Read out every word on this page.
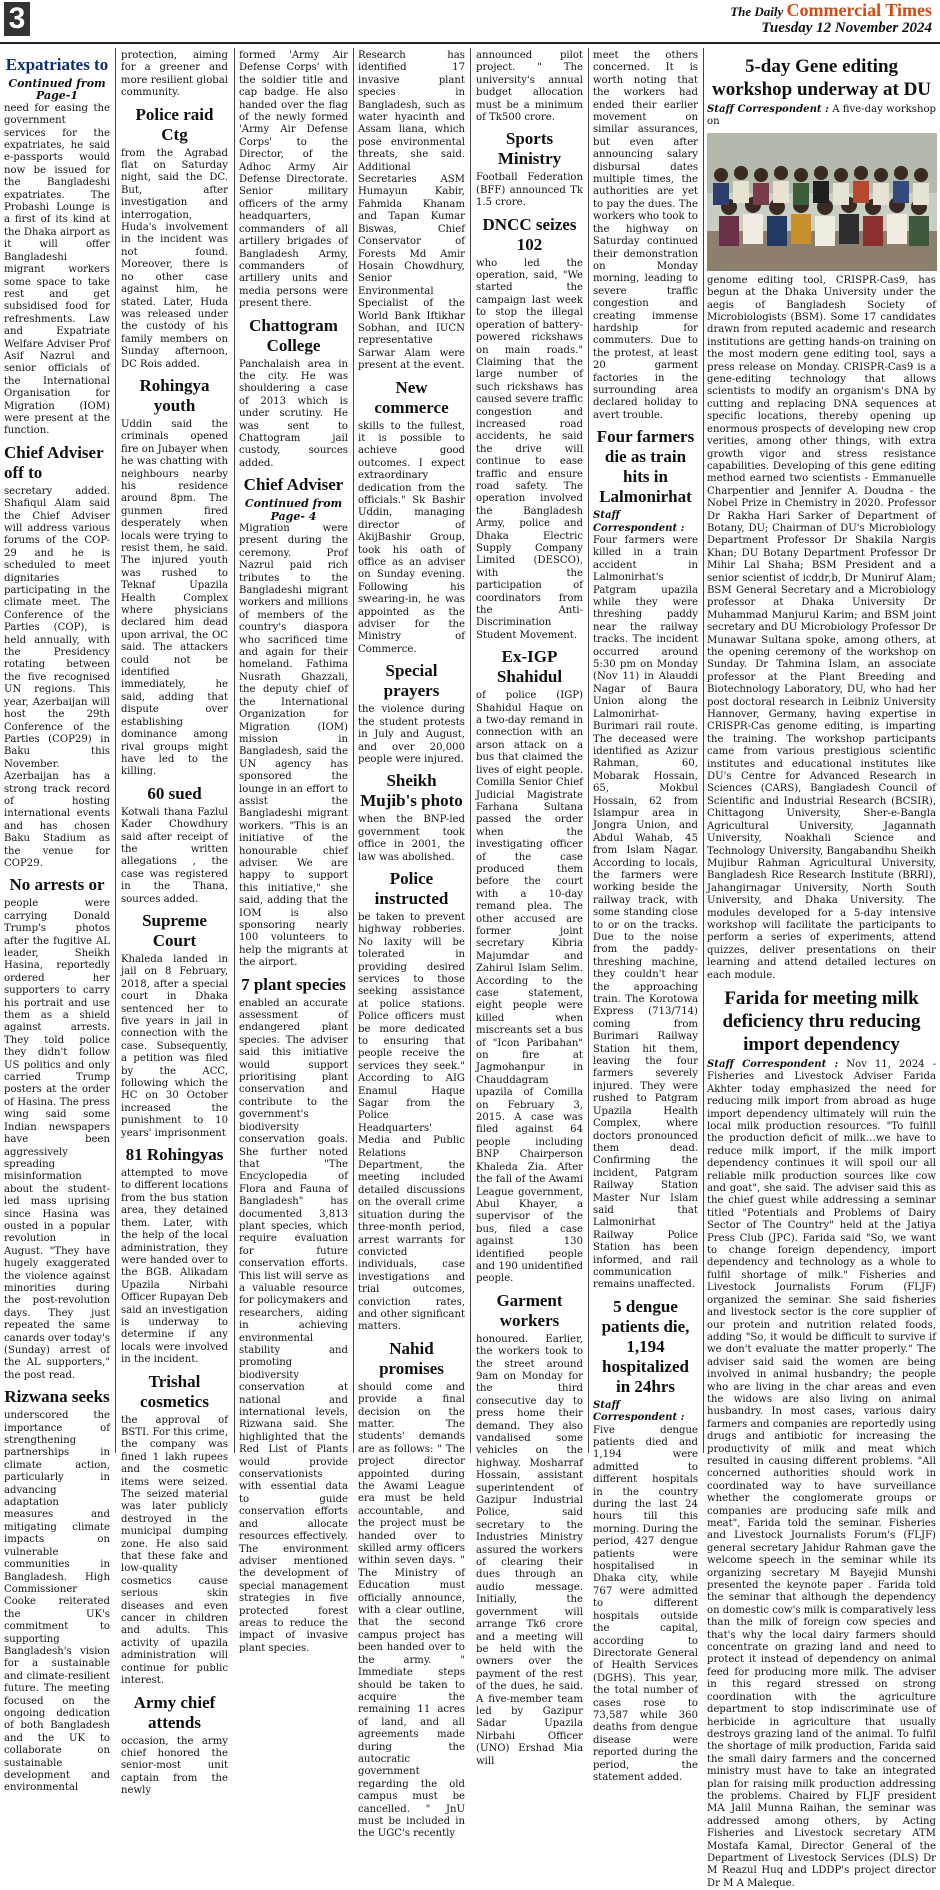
3	The Daily Commercial Times
Tuesday 12 November 2024
Expatriates to
Continued from Page-1

need for easing the government services for the expatriates, he said e-passports would now be issued for the Bangladeshi expatriates. The Probashi Lounge is a first of its kind at the Dhaka airport as it will offer Bangladeshi migrant workers some space to take rest and get subsidised food for refreshments. Law and Expatriate Welfare Adviser Prof Asif Nazrul and senior officials of the International Organisation for Migration (IOM) were present at the function.

Chief Adviser off to

secretary added. Shafiqul Alam said the Chief Adviser will address various forums of the COP-29 and he is scheduled to meet dignitaries participating in the climate meet. The Conference of the Parties (COP), is held annually, with the Presidency rotating between the five recognised UN regions. This year, Azerbaijan will host the 29th Conference of the Parties (COP29) in Baku this November. Azerbaijan has a strong track record of hosting international events and has chosen Baku Stadium as the venue for COP29.

No arrests or

people were carrying Donald Trump's photos after the fugitive AL leader, Sheikh Hasina, reportedly ordered her supporters to carry his portrait and use them as a shield against arrests. They told police they didn't follow US politics and only carried Trump posters at the order of Hasina. The press wing said some Indian newspapers have been aggressively spreading misinformation about the student-led mass uprising since Hasina was ousted in a popular revolution in August. "They have hugely exaggerated the violence against minorities during the post-revolution days. They just repeated the same canards over today's (Sunday) arrest of the AL supporters," the post read.

Rizwana seeks

underscored the importance of strengthening partnerships in climate action, particularly in advancing adaptation measures and mitigating climate impacts on vulnerable communities in Bangladesh. High Commissioner Cooke reiterated the UK's commitment to supporting Bangladesh's vision for a sustainable and climate-resilient future. The meeting focused on the ongoing dedication of both Bangladesh and the UK to collaborate on sustainable development and environmental

protection, aiming for a greener and more resilient global community.

Police raid Ctg

from the Agrabad flat on Saturday night, said the DC. But, after investigation and interrogation, Huda's involvement in the incident was not found. Moreover, there is no other case against him, he stated. Later, Huda was released under the custody of his family members on Sunday afternoon, DC Rois added.

Rohingya youth

Uddin said the criminals opened fire on Jubayer when he was chatting with neighbours nearby his residence around 8pm. The gunmen fired desperately when locals were trying to resist them, he said. The injured youth was rushed to Teknaf Upazila Health Complex where physicians declared him dead upon arrival, the OC said. The attackers could not be identified immediately, he said, adding that dispute over establishing dominance among rival groups might have led to the killing.

60 sued

Kotwali thana Fazlul Kader Chowdhury said after receipt of the written allegations , the case was registered in the Thana, sources added.

Supreme Court

Khaleda landed in jail on 8 February, 2018, after a special court in Dhaka sentenced her to five years in jail in connection with the case. Subsequently, a petition was filed by the ACC, following which the HC on 30 October increased the punishment to 10 years' imprisonment

81 Rohingyas

attempted to move to different locations from the bus station area, they detained them. Later, with the help of the local administration, they were handed over to the BGB. Alikadam Upazila Nirbahi Officer Rupayan Deb said an investigation is underway to determine if any locals were involved in the incident.

Trishal cosmetics

the approval of BSTI. For this crime, the company was fined 1 lakh rupees and the cosmetic items were seized. The seized material was later publicly destroyed in the municipal dumping zone. He also said that these fake and low-quality cosmetics cause serious skin diseases and even cancer in children and adults. This activity of upazila administration will continue for public interest.

Army chief attends

occasion, the army chief honored the senior-most unit captain from the newly

formed 'Army Air Defense Corps' with the soldier title and cap badge. He also handed over the flag of the newly formed 'Army Air Defense Corps' to the Director, of the Adhoc Army Air Defense Directorate. Senior military officers of the army headquarters, commanders of all artillery brigades of Bangladesh Army, commanders of artillery units and media persons were present there.

Chattogram College

Panchalaish area in the city. He was shouldering a case of 2013 which is under scrutiny. He was sent to Chattogram jail custody, sources added.

Chief Adviser
Continued from Page- 4

Migration were present during the ceremony. Prof Nazrul paid rich tributes to the Bangladeshi migrant workers and millions of members of the country's diaspora who sacrificed time and again for their homeland. Fathima Nusrath Ghazzali, the deputy chief of the International Organization for Migration (IOM) mission in Bangladesh, said the UN agency has sponsored the lounge in an effort to assist the Bangladeshi migrant workers. "This is an initiative of the honourable chief adviser. We are happy to support this initiative," she said, adding that the IOM is also sponsoring nearly 100 volunteers to help the migrants at the airport.

7 plant species

enabled an accurate assessment of endangered plant species. The adviser said this initiative would support prioritising plant conservation and contribute to the government's biodiversity conservation goals. She further noted that "The Encyclopedia of Flora and Fauna of Bangladesh" has documented 3,813 plant species, which require evaluation for future conservation efforts. This list will serve as a valuable resource for policymakers and researchers, aiding in achieving environmental stability and promoting biodiversity conservation at national and international levels, Rizwana said. She highlighted that the Red List of Plants would provide conservationists with essential data to guide conservation efforts and allocate resources effectively. The environment adviser mentioned the development of special management strategies in five protected forest areas to reduce the impact of invasive plant species.

Research has identified 17 invasive plant species in Bangladesh, such as water hyacinth and Assam liana, which pose environmental threats, she said. Additional Secretaries ASM Humayun Kabir, Fahmida Khanam and Tapan Kumar Biswas, Chief Conservator of Forests Md Amir Hosain Chowdhury, Senior Environmental Specialist of the World Bank Iftikhar Sobhan, and IUCN representative Sarwar Alam were present at the event.

New commerce

skills to the fullest, it is possible to achieve good outcomes. I expect extraordinary dedication from the officials." Sk Bashir Uddin, managing director of AkijBashir Group, took his oath of office as an adviser on Sunday evening. Following his swearing-in, he was appointed as the adviser for the Ministry of Commerce.

Special prayers

the violence during the student protests in July and August, and over 20,000 people were injured.

Sheikh Mujib's photo

when the BNP-led government took office in 2001, the law was abolished.

Police instructed

be taken to prevent highway robberies. No laxity will be tolerated in providing desired services to those seeking assistance at police stations. Police officers must be more dedicated to ensuring that people receive the services they seek." According to AIG Enamul Haque Sagar from the Police Headquarters' Media and Public Relations Department, the meeting included detailed discussions on the overall crime situation during the three-month period, arrest warrants for convicted individuals, case investigations and trial outcomes, conviction rates, and other significant matters.

Nahid promises

should come and provide a final decision on the matter. The students' demands are as follows: " The project director appointed during the Awami League era must be held accountable, and the project must be handed over to skilled army officers within seven days. " The Ministry of Education must officially announce, with a clear outline, that the second campus project has been handed over to the army. " Immediate steps should be taken to acquire the remaining 11 acres of land, and all agreements made during the autocratic government regarding the old campus must be cancelled. " JnU must be included in the UGC's recently

announced pilot project. " The university's annual budget allocation must be a minimum of Tk500 crore.

Sports Ministry

Football Federation (BFF) announced Tk 1.5 crore.

DNCC seizes 102

who led the operation, said, "We started the campaign last week to stop the illegal operation of battery-powered rickshaws on main roads." Claiming that the large number of such rickshaws has caused severe traffic congestion and increased road accidents, he said the drive will continue to ease traffic and ensure road safety. The operation involved the Bangladesh Army, police and Dhaka Electric Supply Company Limited (DESCO), with the participation of coordinators from the Anti-Discrimination Student Movement.

Ex-IGP Shahidul

of police (IGP) Shahidul Haque on a two-day remand in connection with an arson attack on a bus that claimed the lives of eight people. Comilla Senior Chief Judicial Magistrate Farhana Sultana passed the order when the investigating officer of the case produced them before the court with a 10-day remand plea. The other accused are former joint secretary Kibria Majumdar and Zahirul Islam Selim. According to the case statement, eight people were killed when miscreants set a bus of "Icon Paribahan" on fire at Jagmohanpur in Chauddagram upazila of Comilla on February 3, 2015. A case was filed against 64 people including BNP Chairperson Khaleda Zia. After the fall of the Awami League government, Abul Khayer, a supervisor of the bus, filed a case against 130 identified people and 190 unidentified people.

Garment workers

honoured. Earlier, the workers took to the street around 9am on Monday for the third consecutive day to press home their demand. They also vandalised some vehicles on the highway. Mosharraf Hossain, assistant superintendent of Gazipur Industrial Police, said secretary to the Industries Ministry assured the workers of clearing their dues through an audio message. Initially, the government will arrange Tk6 crore and a meeting will be held with the owners over the payment of the rest of the dues, he said. A five-member team led by Gazipur Sadar Upazila Nirbahi Officer (UNO) Ershad Mia will

meet the others concerned. It is worth noting that the workers had ended their earlier movement on similar assurances, but even after announcing salary disbursal dates multiple times, the authorities are yet to pay the dues. The workers who took to the highway on Saturday continued their demonstration on Monday morning, leading to severe traffic congestion and creating immense hardship for commuters. Due to the protest, at least 20 garment factories in the surrounding area declared holiday to avert trouble.

Four farmers die as train hits in Lalmonirhat
Staff Correspondent :

Four farmers were killed in a train accident in Lalmonirhat's Patgram upazila while they were threshing paddy near the railway tracks. The incident occurred around 5:30 pm on Monday (Nov 11) in Alauddi Nagar of Baura Union along the Lalmonirhat-Burimari rail route. The deceased were identified as Azizur Rahman, 60, Mobarak Hossain, 65, Mokbul Hossain, 62 from Islampur area in Jongra Union, and Abdul Wahab, 45 from Islam Nagar. According to locals, the farmers were working beside the railway track, with some standing close to or on the tracks. Due to the noise from the paddy-threshing machine, they couldn't hear the approaching train. The Korotowa Express (713/714) coming from Burimari Railway Station hit them, leaving the four farmers severely injured. They were rushed to Patgram Upazila Health Complex, where doctors pronounced them dead. Confirming the incident, Patgram Railway Station Master Nur Islam said that Lalmonirhat Railway Police Station has been informed, and rail communication remains unaffected.

5 dengue patients die, 1,194 hospitalized in 24hrs
Staff Correspondent :

Five dengue patients died and 1,194 were admitted to different hospitals in the country during the last 24 hours till this morning. During the period, 427 dengue patients were hospitalised in Dhaka city, while 767 were admitted to different hospitals outside the capital, according to Directorate General of Health Services (DGHS). This year, the total number of cases rose to 73,587 while 360 deaths from dengue disease were reported during the period, the statement added.

5-day Gene editing workshop underway at DU

Staff Correspondent : A five-day workshop on

genome editing tool, CRISPR-Cas9, has begun at the Dhaka University under the aegis of Bangladesh Society of Microbiologists (BSM). Some 17 candidates drawn from reputed academic and research institutions are getting hands-on training on the most modern gene editing tool, says a press release on Monday. CRISPR-Cas9 is a gene-editing technology that allows scientists to modify an organism's DNA by cutting and replacing DNA sequences at specific locations, thereby opening up enormous prospects of developing new crop verities, among other things, with extra growth vigor and stress resistance capabilities. Developing of this gene editing method earned two scientists - Emmanuelle Charpentier and Jennifer A. Doudna - the Nobel Prize in Chemistry in 2020. Professor Dr Rakha Hari Sarker of Department of Botany, DU; Chairman of DU's Microbiology Department Professor Dr Shakila Nargis Khan; DU Botany Department Professor Dr Mihir Lal Shaha; BSM President and a senior scientist of icddr,b, Dr Muniruf Alam; BSM General Secretary and a Microbiology professor at Dhaka University Dr Muhammad Manjurul Karim; and BSM joint secretary and DU Microbiology Professor Dr Munawar Sultana spoke, among others, at the opening ceremony of the workshop on Sunday. Dr Tahmina Islam, an associate professor at the Plant Breeding and Biotechnology Laboratory, DU, who had her post doctoral research in Leibniz University Hannover, Germany, having expertise in CRISPR-Cas genome editing, is imparting the training. The workshop participants came from various prestigious scientific institutes and educational institutes like DU's Centre for Advanced Research in Sciences (CARS), Bangladesh Council of Scientific and Industrial Research (BCSIR), Chittagong University, Sher-e-Bangla Agricultural University, Jagannath University, Noakhali Science and Technology University, Bangabandhu Sheikh Mujibur Rahman Agricultural University, Bangladesh Rice Research Institute (BRRI), Jahangirnagar University, North South University, and Dhaka University. The modules developed for a 5-day intensive workshop will facilitate the participants to perform a series of experiments, attend quizzes, deliver presentations on their learning and attend detailed lectures on each module.

Farida for meeting milk deficiency thru reducing import dependency

Staff Correspondent : Nov 11, 2024 - Fisheries and Livestock Adviser Farida Akhter today emphasized the need for reducing milk import from abroad as huge import dependency ultimately will ruin the local milk production resources. "To fulfill the production deficit of milk…we have to reduce milk import, if the milk import dependency continues it will spoil our all reliable milk production sources like cow and goat", she said. The adviser said this as the chief guest while addressing a seminar titled "Potentials and Problems of Dairy Sector of The Country" held at the Jatiya Press Club (JPC). Farida said "So, we want to change foreign dependency, import dependency and technology as a whole to fulfil shortage of milk." Fisheries and Livestock Journalists Forum (FLJF) organized the seminar. She said fisheries and livestock sector is the core supplier of our protein and nutrition related foods, adding "So, it would be difficult to survive if we don't evaluate the matter properly." The adviser said said the women are being involved in animal husbandry; the people who are living in the char areas and even the widows are also living on animal husbandry. In most cases, various dairy farmers and companies are reportedly using drugs and antibiotic for increasing the productivity of milk and meat which resulted in causing different problems. "All concerned authorities should work in coordinated way to have surveillance whether the conglomerate groups or companies are producing safe milk and meat", Farida told the seminar. Fisheries and Livestock Journalists Forum's (FLJF) general secretary Jahidur Rahman gave the welcome speech in the seminar while its organizing secretary M Bayejid Munshi presented the keynote paper . Farida told the seminar that although the dependency on domestic cow's milk is comparatively less than the milk of foreign cow species and that's why the local dairy farmers should concentrate on grazing land and need to protect it instead of dependency on animal feed for producing more milk. The adviser in this regard stressed on strong coordination with the agriculture department to stop indiscriminate use of herbicide in agriculture that usually destroys grazing land of the animal. To fulfil the shortage of milk production, Farida said the small dairy farmers and the concerned ministry must have to take an integrated plan for raising milk production addressing the problems. Chaired by FLJF president MA Jalil Munna Raihan, the seminar was addressed among others, by Acting Fisheries and Livestock secretary ATM Mostafa Kamal, Director General of the Department of Livestock Services (DLS) Dr M Reazul Huq and LDDP's project director Dr M A Maleque.
